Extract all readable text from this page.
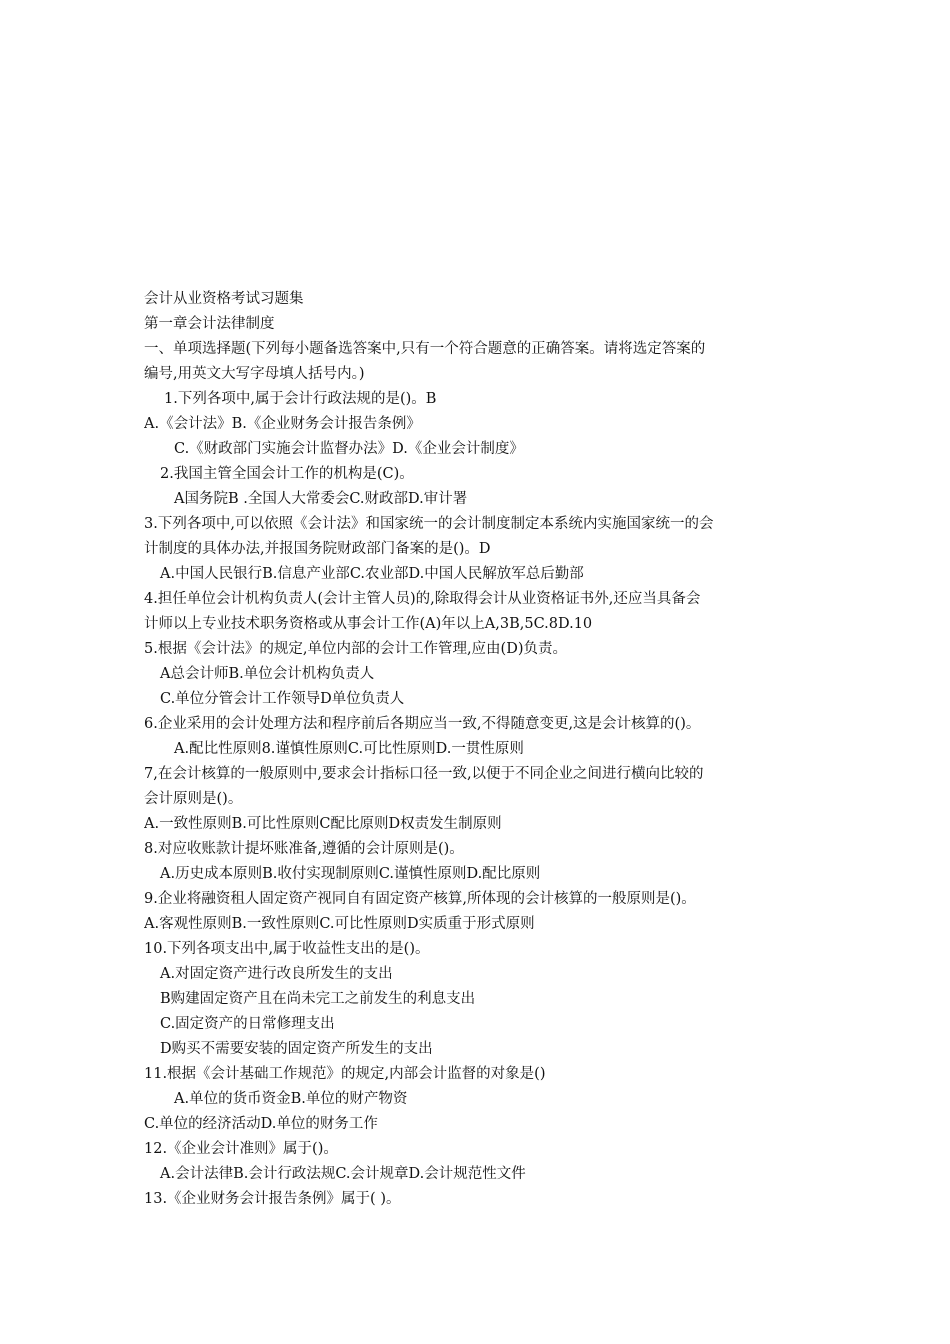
会计从业资格考试习题集
第一章会计法律制度
一、单项选择题(下列每小题备选答案中,只有一个符合题意的正确答案。请将选定答案的
编号,用英文大写字母填人括号内。)
1.下列各项中,属于会计行政法规的是()。B
A.《会计法》B.《企业财务会计报告条例》
C.《财政部门实施会计监督办法》D.《企业会计制度》
2.我国主管全国会计工作的机构是(C)。
A国务院B .全国人大常委会C.财政部D.审计署
3.下列各项中,可以依照《会计法》和国家统一的会计制度制定本系统内实施国家统一的会
计制度的具体办法,并报国务院财政部门备案的是()。D
A.中国人民银行B.信息产业部C.农业部D.中国人民解放军总后勤部
4.担任单位会计机构负责人(会计主管人员)的,除取得会计从业资格证书外,还应当具备会
计师以上专业技术职务资格或从事会计工作(A)年以上A,3B,5C.8D.10
5.根据《会计法》的规定,单位内部的会计工作管理,应由(D)负责。
A总会计师B.单位会计机构负责人
C.单位分管会计工作领导D单位负责人
6.企业采用的会计处理方法和程序前后各期应当一致,不得随意变更,这是会计核算的()。
A.配比性原则8.谨慎性原则C.可比性原则D.一贯性原则
7,在会计核算的一般原则中,要求会计指标口径一致,以便于不同企业之间进行横向比较的
会计原则是()。
A.一致性原则B.可比性原则C配比原则D权责发生制原则
8.对应收账款计提坏账准备,遵循的会计原则是()。
A.历史成本原则B.收付实现制原则C.谨慎性原则D.配比原则
9.企业将融资租人固定资产视同自有固定资产核算,所体现的会计核算的一般原则是()。
A.客观性原则B.一致性原则C.可比性原则D实质重于形式原则
10.下列各项支出中,属于收益性支出的是()。
A.对固定资产进行改良所发生的支出
B购建固定资产且在尚未完工之前发生的利息支出
C.固定资产的日常修理支出
D购买不需要安装的固定资产所发生的支出
11.根据《会计基础工作规范》的规定,内部会计监督的对象是()
A.单位的货币资金B.单位的财产物资
C.单位的经济活动D.单位的财务工作
12.《企业会计准则》属于()。
A.会计法律B.会计行政法规C.会计规章D.会计规范性文件
13.《企业财务会计报告条例》属于( )。
